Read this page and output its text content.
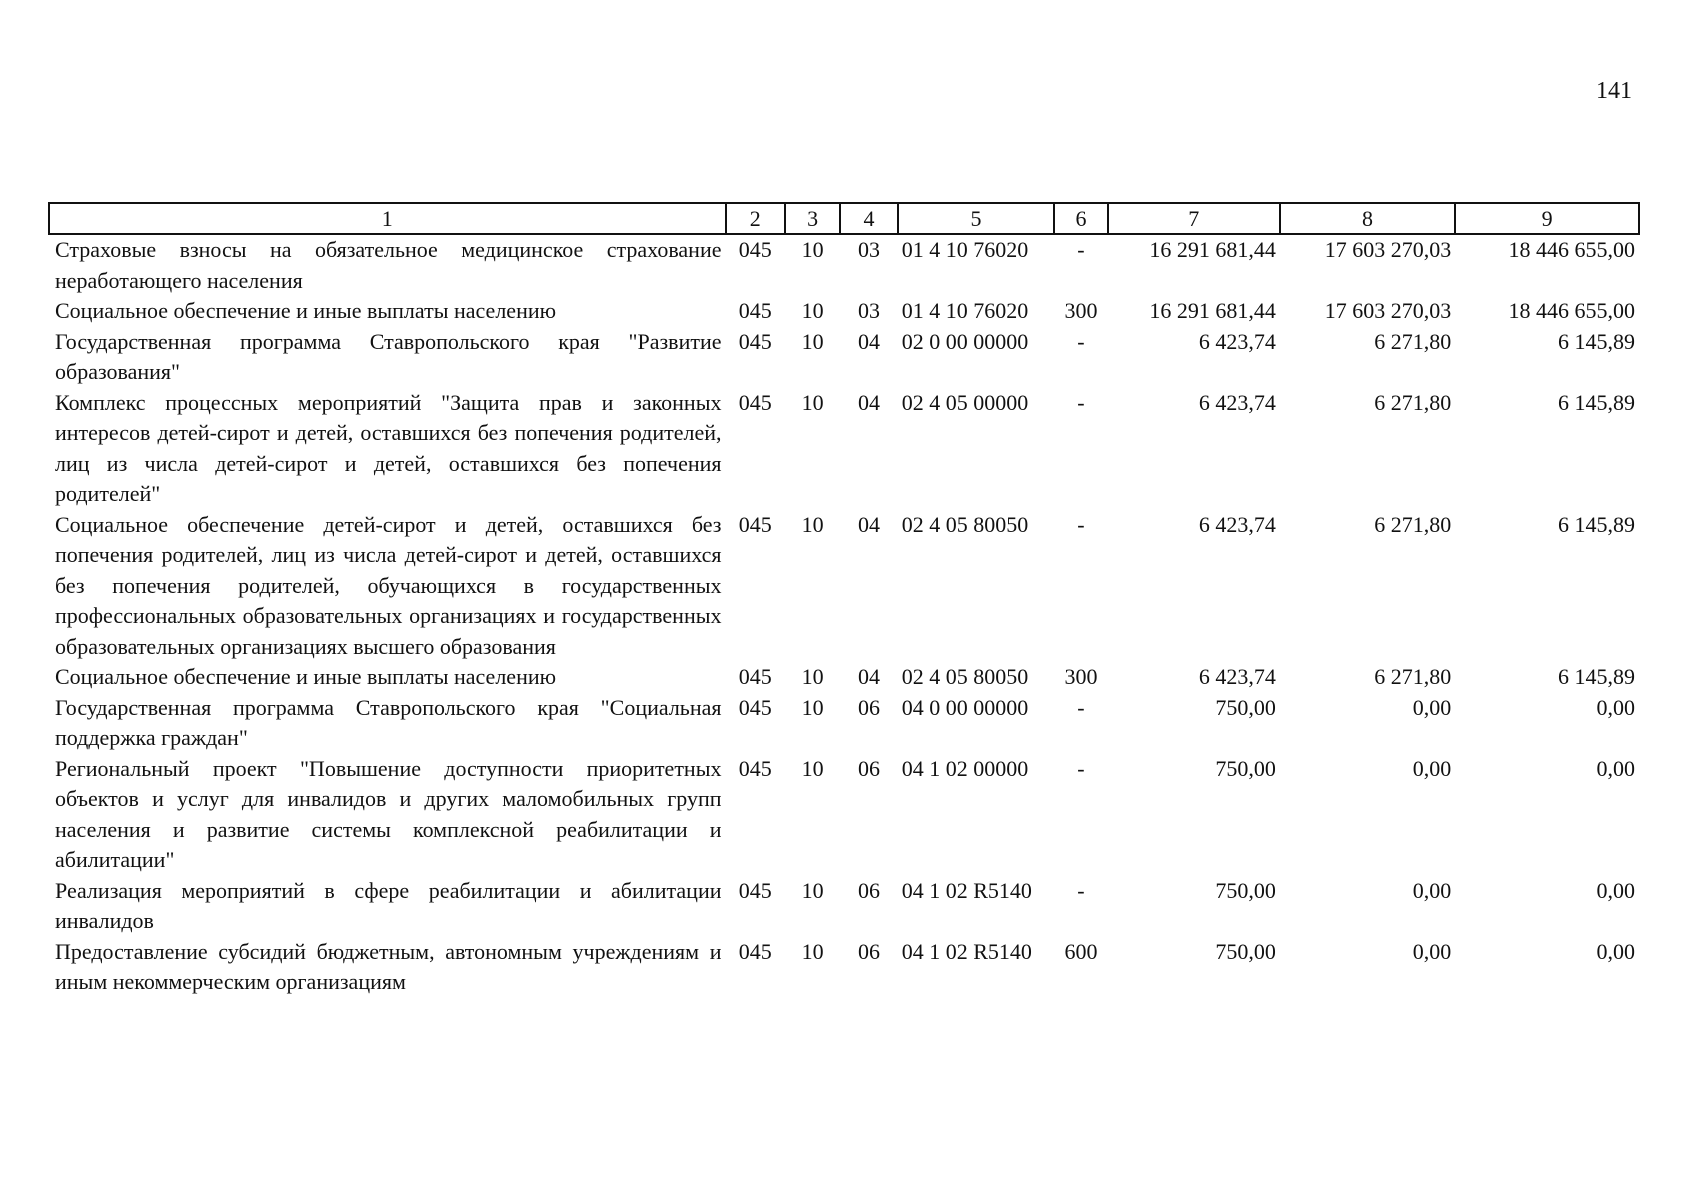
141
1	2	3	4	5	6	7	8	9
Страховые взносы на обязательное медицинское страхование неработающего населения	045	10	03	01 4 10 76020	-	16 291 681,44	17 603 270,03	18 446 655,00
Социальное обеспечение и иные выплаты населению	045	10	03	01 4 10 76020	300	16 291 681,44	17 603 270,03	18 446 655,00
Государственная программа Ставропольского края "Развитие образования"	045	10	04	02 0 00 00000	-	6 423,74	6 271,80	6 145,89
Комплекс процессных мероприятий "Защита прав и законных интересов детей-сирот и детей, оставшихся без попечения родителей, лиц из числа детей-сирот и детей, оставшихся без попечения родителей"	045	10	04	02 4 05 00000	-	6 423,74	6 271,80	6 145,89
Социальное обеспечение детей-сирот и детей, оставшихся без попечения родителей, лиц из числа детей-сирот и детей, оставшихся без попечения родителей, обучающихся в государственных профессиональных образовательных организациях и государственных образовательных организациях высшего образования	045	10	04	02 4 05 80050	-	6 423,74	6 271,80	6 145,89
Социальное обеспечение и иные выплаты населению	045	10	04	02 4 05 80050	300	6 423,74	6 271,80	6 145,89
Государственная программа Ставропольского края "Социальная поддержка граждан"	045	10	06	04 0 00 00000	-	750,00	0,00	0,00
Региональный проект "Повышение доступности приоритетных объектов и услуг для инвалидов и других маломобильных групп населения и развитие системы комплексной реабилитации и абилитации"	045	10	06	04 1 02 00000	-	750,00	0,00	0,00
Реализация мероприятий в сфере реабилитации и абилитации инвалидов	045	10	06	04 1 02 R5140	-	750,00	0,00	0,00
Предоставление субсидий бюджетным, автономным учреждениям и иным некоммерческим организациям	045	10	06	04 1 02 R5140	600	750,00	0,00	0,00
